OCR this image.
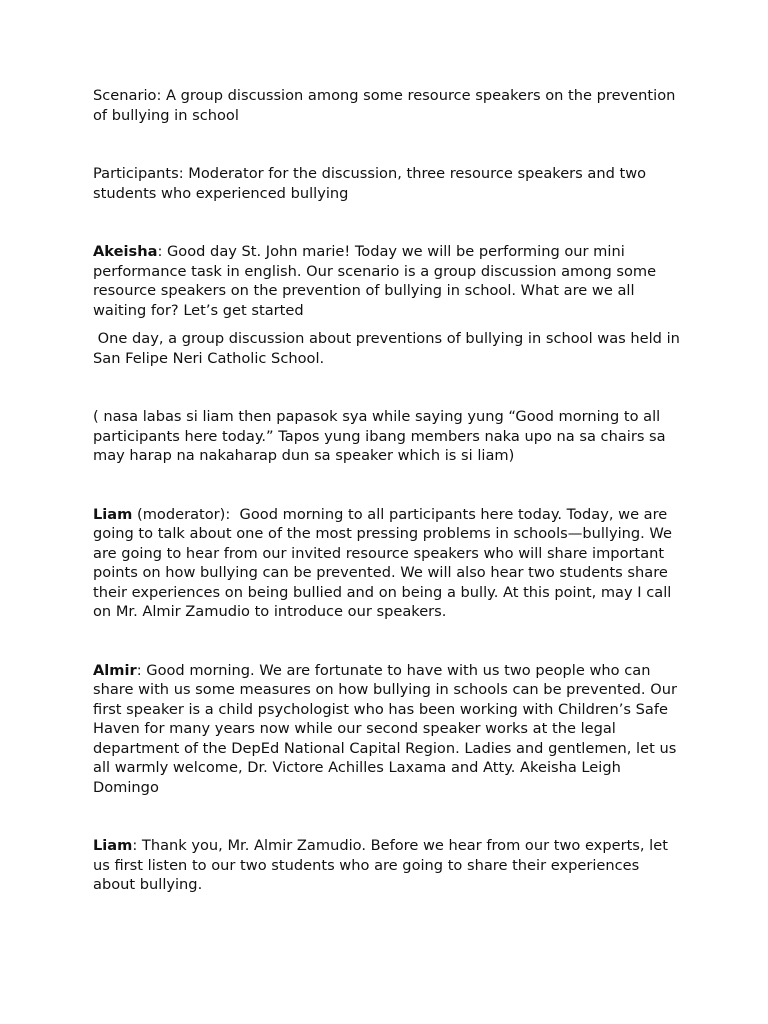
Scenario: A group discussion among some resource speakers on the prevention of bullying in school

Participants: Moderator for the discussion, three resource speakers and two students who experienced bullying

Akeisha: Good day St. John marie! Today we will be performing our mini performance task in english. Our scenario is a group discussion among some resource speakers on the prevention of bullying in school. What are we all waiting for? Let’s get started

One day, a group discussion about preventions of bullying in school was held in San Felipe Neri Catholic School.

( nasa labas si liam then papasok sya while saying yung “Good morning to all participants here today.” Tapos yung ibang members naka upo na sa chairs sa may harap na nakaharap dun sa speaker which is si liam)

Liam (moderator):  Good morning to all participants here today. Today, we are going to talk about one of the most pressing problems in schools—bullying. We are going to hear from our invited resource speakers who will share important points on how bullying can be prevented. We will also hear two students share their experiences on being bullied and on being a bully. At this point, may I call on Mr. Almir Zamudio to introduce our speakers.

Almir: Good morning. We are fortunate to have with us two people who can share with us some measures on how bullying in schools can be prevented. Our first speaker is a child psychologist who has been working with Children’s Safe Haven for many years now while our second speaker works at the legal department of the DepEd National Capital Region. Ladies and gentlemen, let us all warmly welcome, Dr. Victore Achilles Laxama and Atty. Akeisha Leigh Domingo

Liam: Thank you, Mr. Almir Zamudio. Before we hear from our two experts, let us first listen to our two students who are going to share their experiences about bullying.
